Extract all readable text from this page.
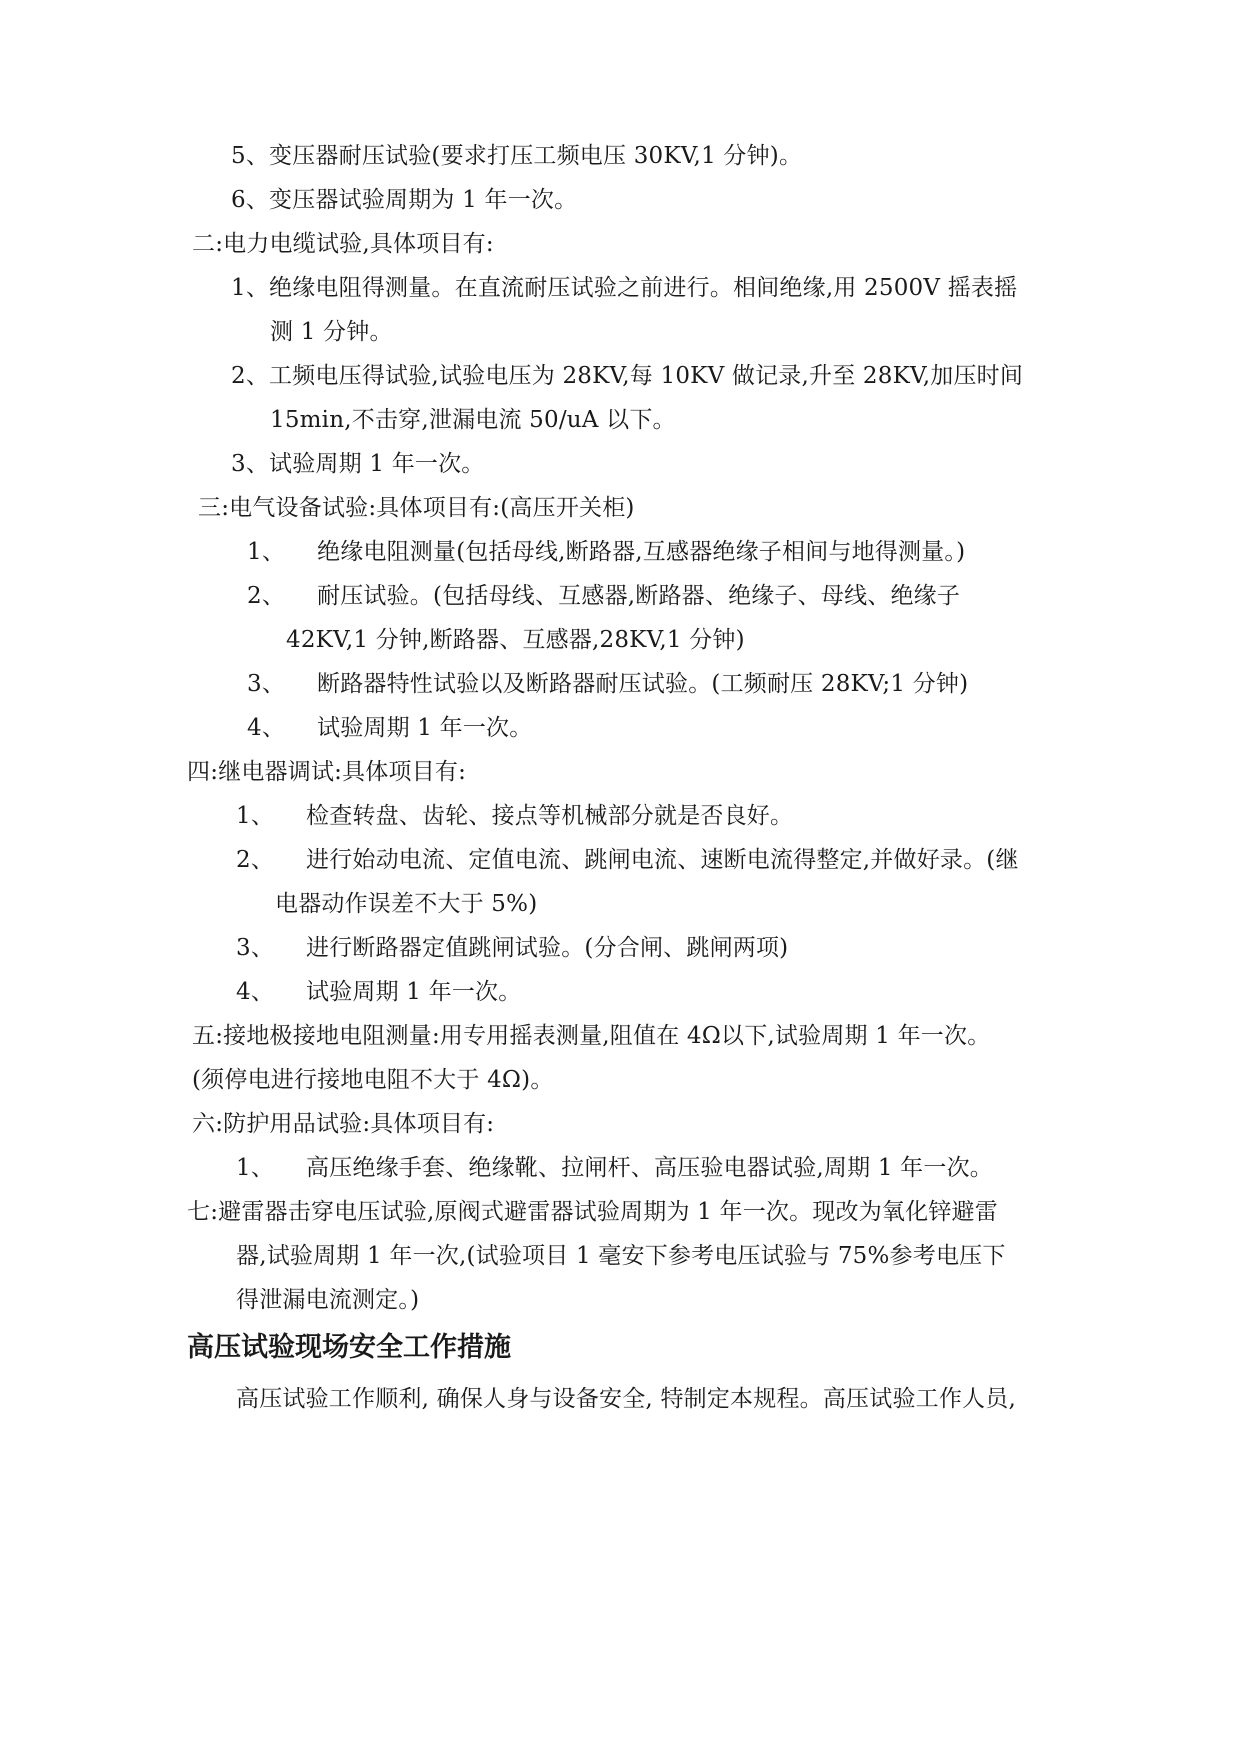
5、变压器耐压试验(要求打压工频电压 30KV,1 分钟)。
6、变压器试验周期为 1 年一次。
二:电力电缆试验,具体项目有:
1、绝缘电阻得测量。在直流耐压试验之前进行。相间绝缘,用 2500V 摇表摇
测 1 分钟。
2、工频电压得试验,试验电压为 28KV,每 10KV 做记录,升至 28KV,加压时间
15min,不击穿,泄漏电流 50/uA 以下。
3、试验周期 1 年一次。
三:电气设备试验:具体项目有:(高压开关柜)
1、 绝缘电阻测量(包括母线,断路器,互感器绝缘子相间与地得测量。)
2、 耐压试验。(包括母线、互感器,断路器、绝缘子、母线、绝缘子
42KV,1 分钟,断路器、互感器,28KV,1 分钟)
3、 断路器特性试验以及断路器耐压试验。(工频耐压 28KV;1 分钟)
4、 试验周期 1 年一次。
四:继电器调试:具体项目有:
1、 检查转盘、齿轮、接点等机械部分就是否良好。
2、 进行始动电流、定值电流、跳闸电流、速断电流得整定,并做好录。(继
电器动作误差不大于 5%)
3、 进行断路器定值跳闸试验。(分合闸、跳闸两项)
4、 试验周期 1 年一次。
五:接地极接地电阻测量:用专用摇表测量,阻值在 4Ω以下,试验周期 1 年一次。
(须停电进行接地电阻不大于 4Ω)。
六:防护用品试验:具体项目有:
1、 高压绝缘手套、绝缘靴、拉闸杆、高压验电器试验,周期 1 年一次。
七:避雷器击穿电压试验,原阀式避雷器试验周期为 1 年一次。现改为氧化锌避雷
器,试验周期 1 年一次,(试验项目 1 毫安下参考电压试验与 75%参考电压下
得泄漏电流测定。)
高压试验现场安全工作措施
高压试验工作顺利, 确保人身与设备安全, 特制定本规程。高压试验工作人员,
